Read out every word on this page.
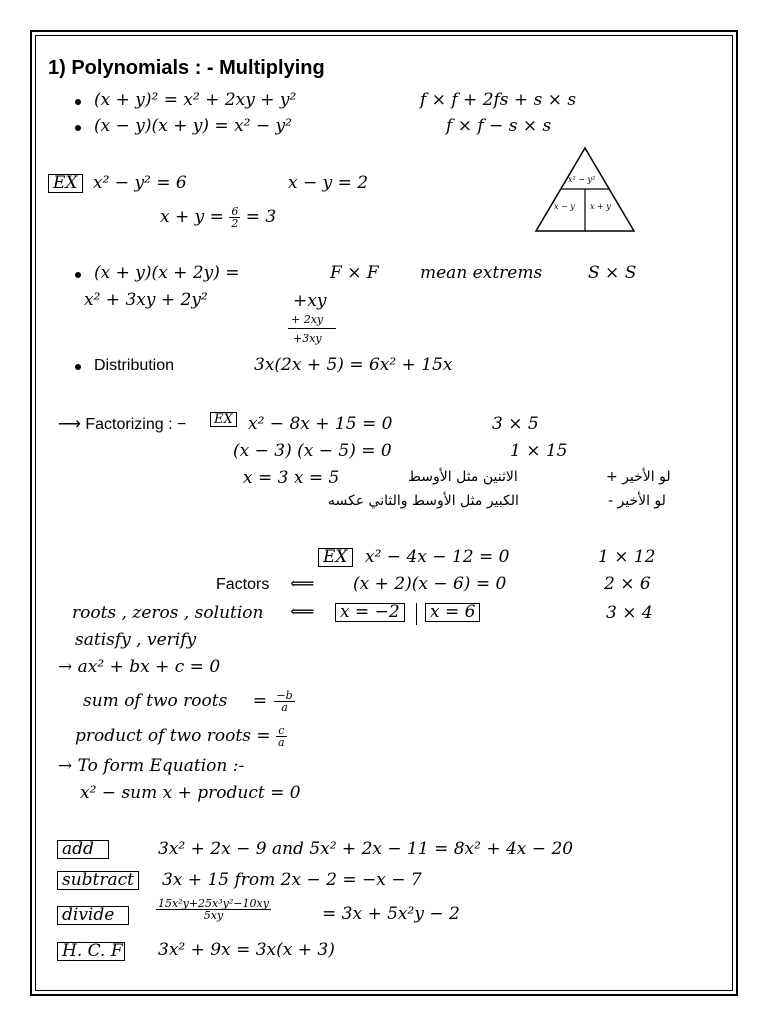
1) Polynomials : - Multiplying
(x + y)² = x² + 2xy + y²	f × f + 2fs + s × s
(x − y)(x + y) = x² − y²	f × f − s × s
EX x² − y² = 6	x − y = 2
$x + y = \frac{6}{2} = 3$
x² − y²
x − y x + y
(x + y)(x + 2y) =	F × F mean extrems	S × S
x² + 3xy + 2y²	+xy
+ 2xy
+3xy
Distribution	3x(2x + 5) = 6x² + 15x
⟶ Factorizing : −	EX x² − 8x + 15 = 0	3 × 5
(x − 3) (x − 5) = 0	1 × 15
x = 3 x = 5	الاثنين مثل الأوسط	لو الأخير +
الكبير مثل الأوسط والثاني عكسه	لو الأخير -
EX x² − 4x − 12 = 0	1 × 12
Factors ⟸ (x + 2)(x − 6) = 0	2 × 6
roots , zeros , solution ⟸ x = −2 x = 6	3 × 4
satisfy , verify
→ ax² + bx + c = 0
sum of two roots = $\frac{-b}{a}$
product of two roots = $\frac{c}{a}$
→ To form Equation :-
x² − sum x + product = 0
add	3x² + 2x − 9 and 5x² + 2x − 11 = 8x² + 4x − 20
subtract 3x + 15 from 2x − 2 = −x − 7
divide	$\frac{\text{15x²y+25x³y²−10xy}}{5xy}$	= 3x + 5x²y − 2
H. C. F 3x² + 9x = 3x(x + 3)
